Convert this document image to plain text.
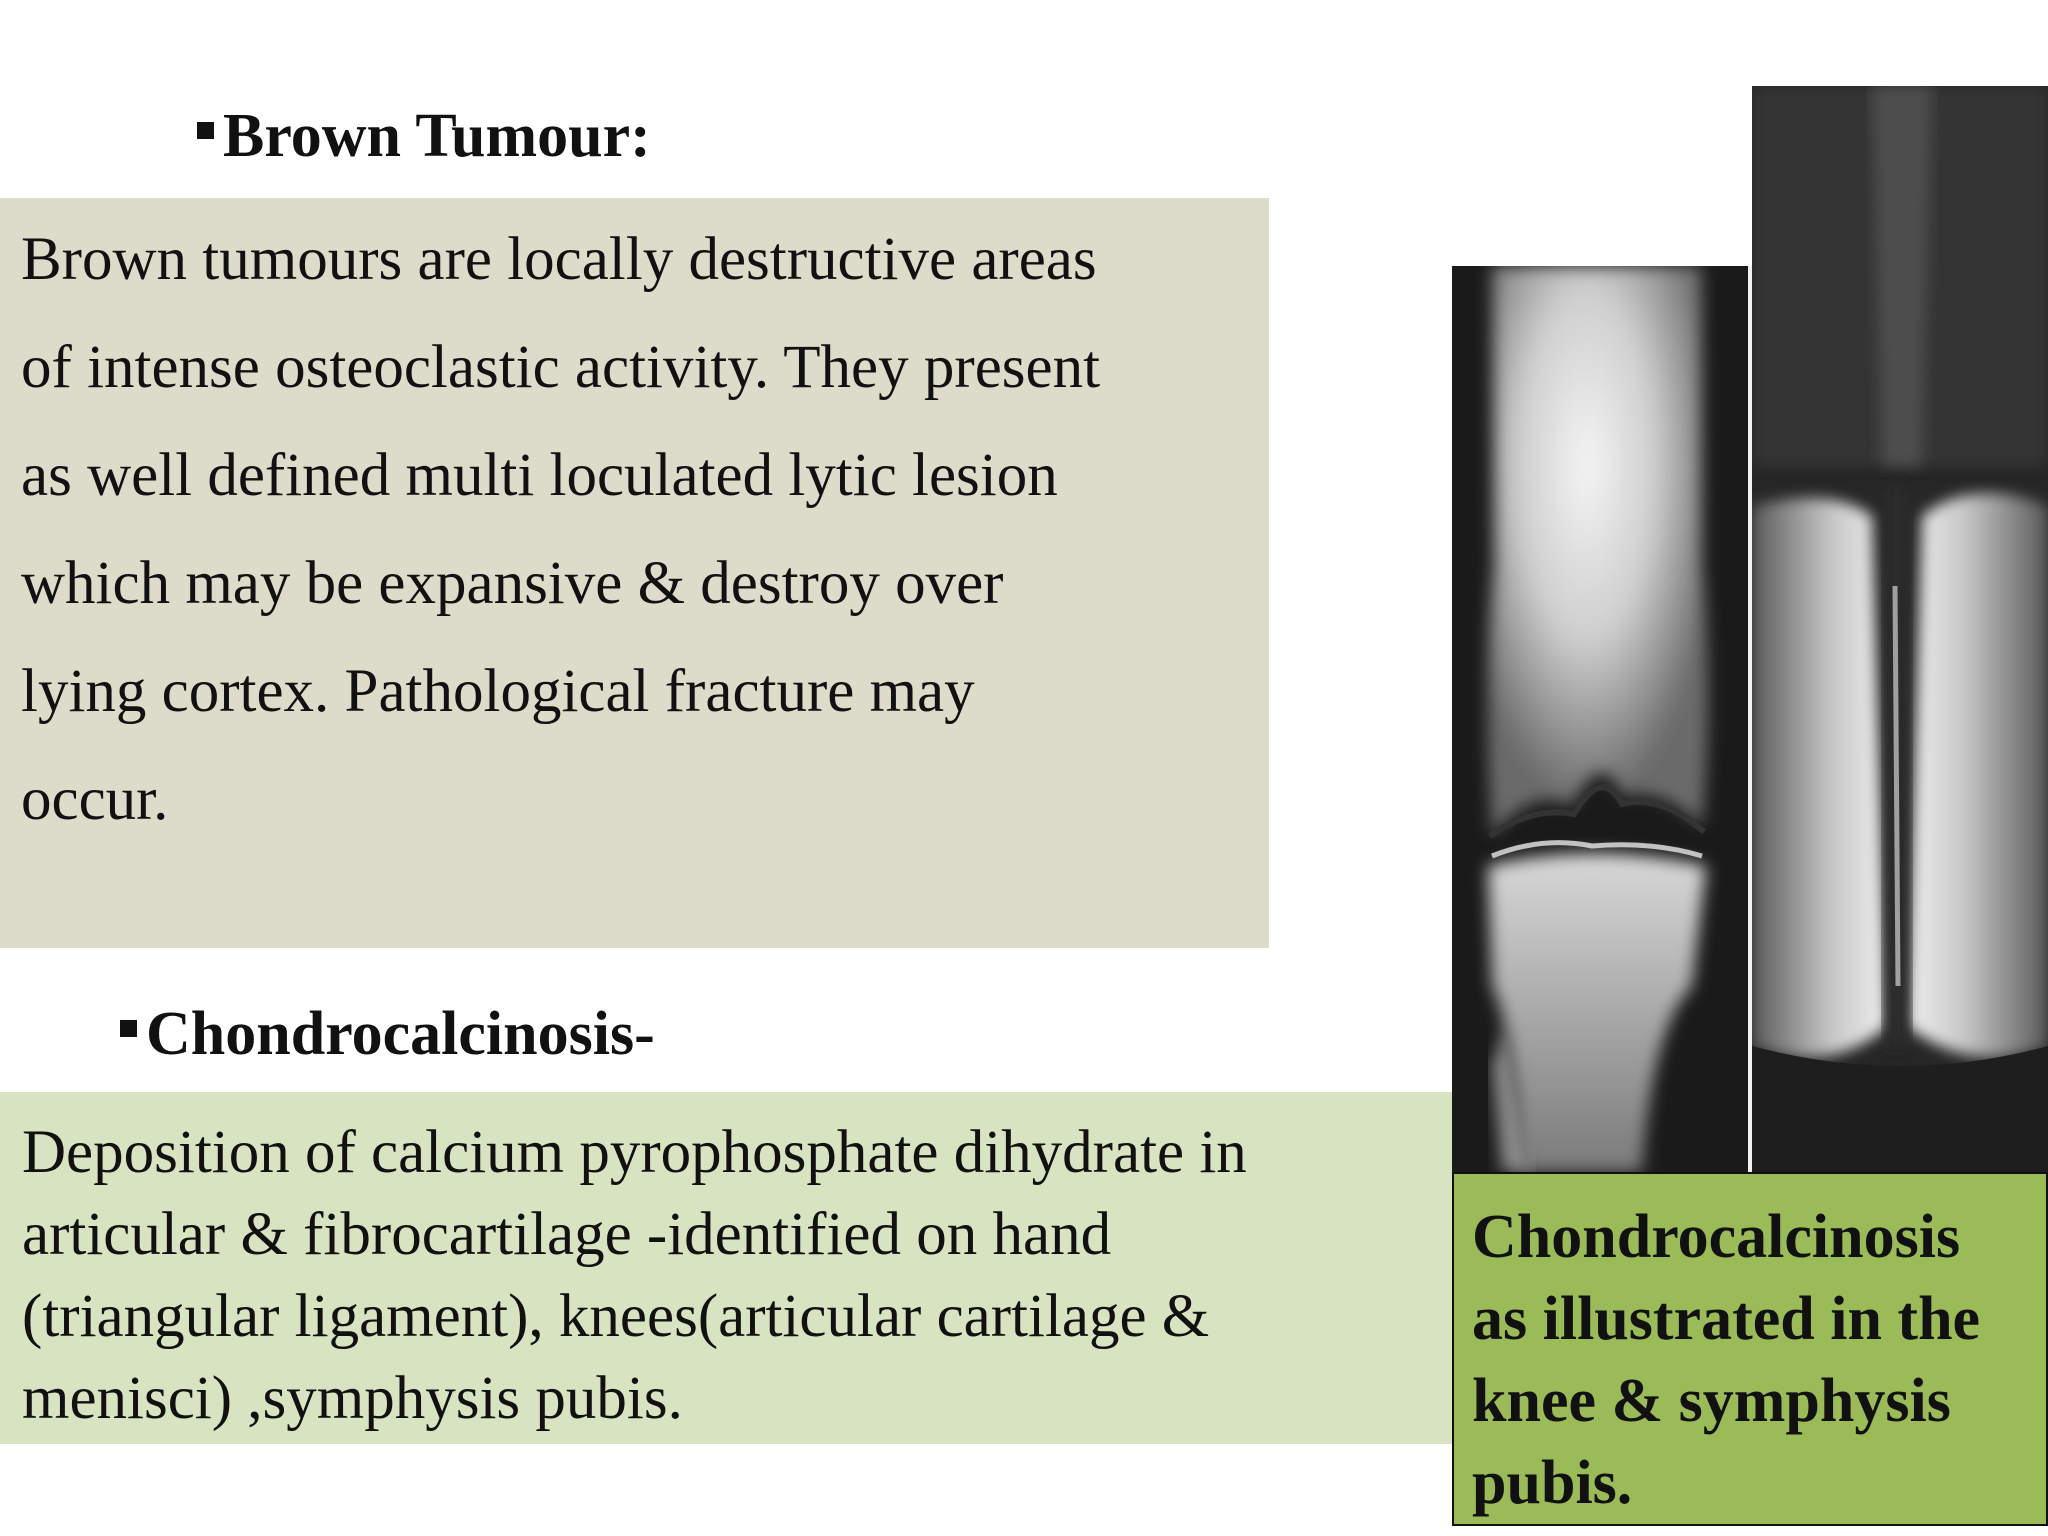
Brown Tumour:
Brown tumours are locally destructive areas
of intense osteoclastic activity. They present
as well defined multi loculated lytic lesion
which may be expansive & destroy over
lying cortex. Pathological fracture may
occur.
Chondrocalcinosis-
Deposition of calcium pyrophosphate dihydrate in
articular & fibrocartilage -identified on hand
(triangular ligament), knees(articular cartilage &
menisci) ,symphysis pubis.
Chondrocalcinosis
as illustrated in the
knee & symphysis
pubis.
